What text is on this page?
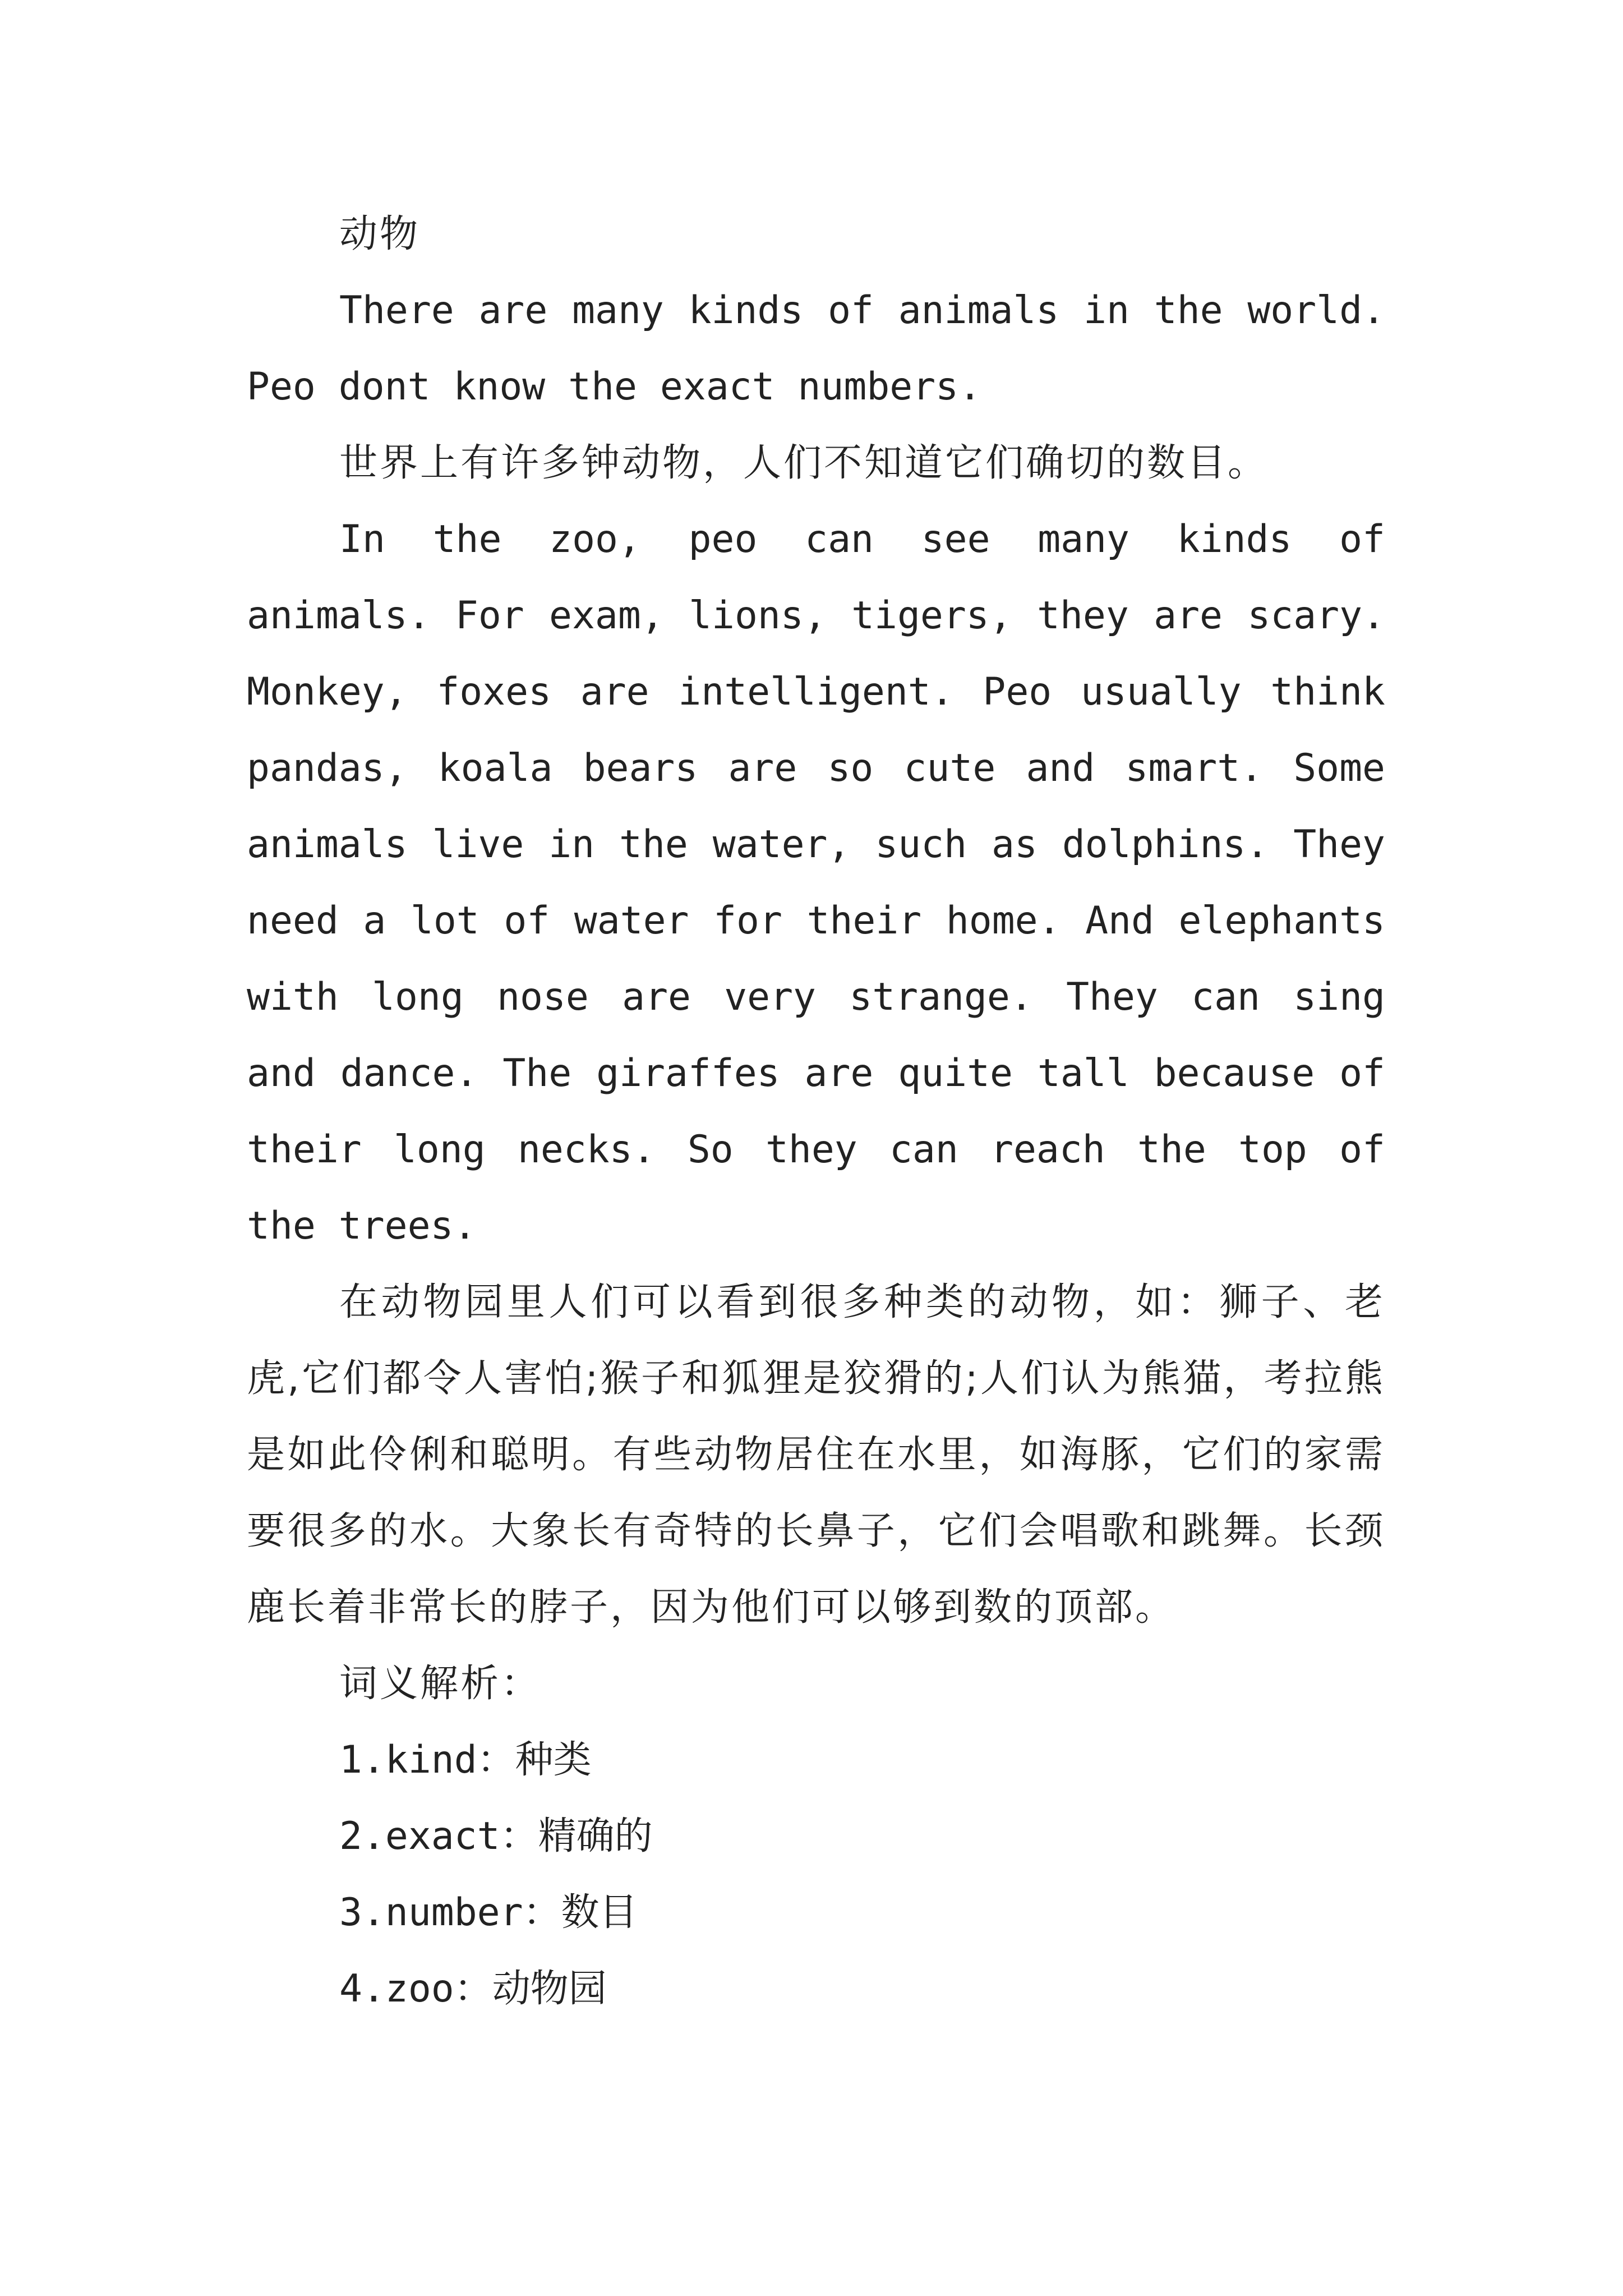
动物

There are many kinds of animals in the world. Peo dont know the exact numbers.

世界上有许多钟动物，人们不知道它们确切的数目。

In the zoo, peo can see many kinds of animals. For exam, lions, tigers, they are scary. Monkey, foxes are intelligent. Peo usually think pandas, koala bears are so cute and smart. Some animals live in the water, such as dolphins. They need a lot of water for their home. And elephants with long nose are very strange. They can sing and dance. The giraffes are quite tall because of their long necks. So they can reach the top of the trees.

在动物园里人们可以看到很多种类的动物，如：狮子、老虎,它们都令人害怕;猴子和狐狸是狡猾的;人们认为熊猫，考拉熊是如此伶俐和聪明。有些动物居住在水里，如海豚，它们的家需要很多的水。大象长有奇特的长鼻子，它们会唱歌和跳舞。长颈鹿长着非常长的脖子，因为他们可以够到数的顶部。

词义解析：

1.kind：种类

2.exact：精确的

3.number：数目

4.zoo：动物园
